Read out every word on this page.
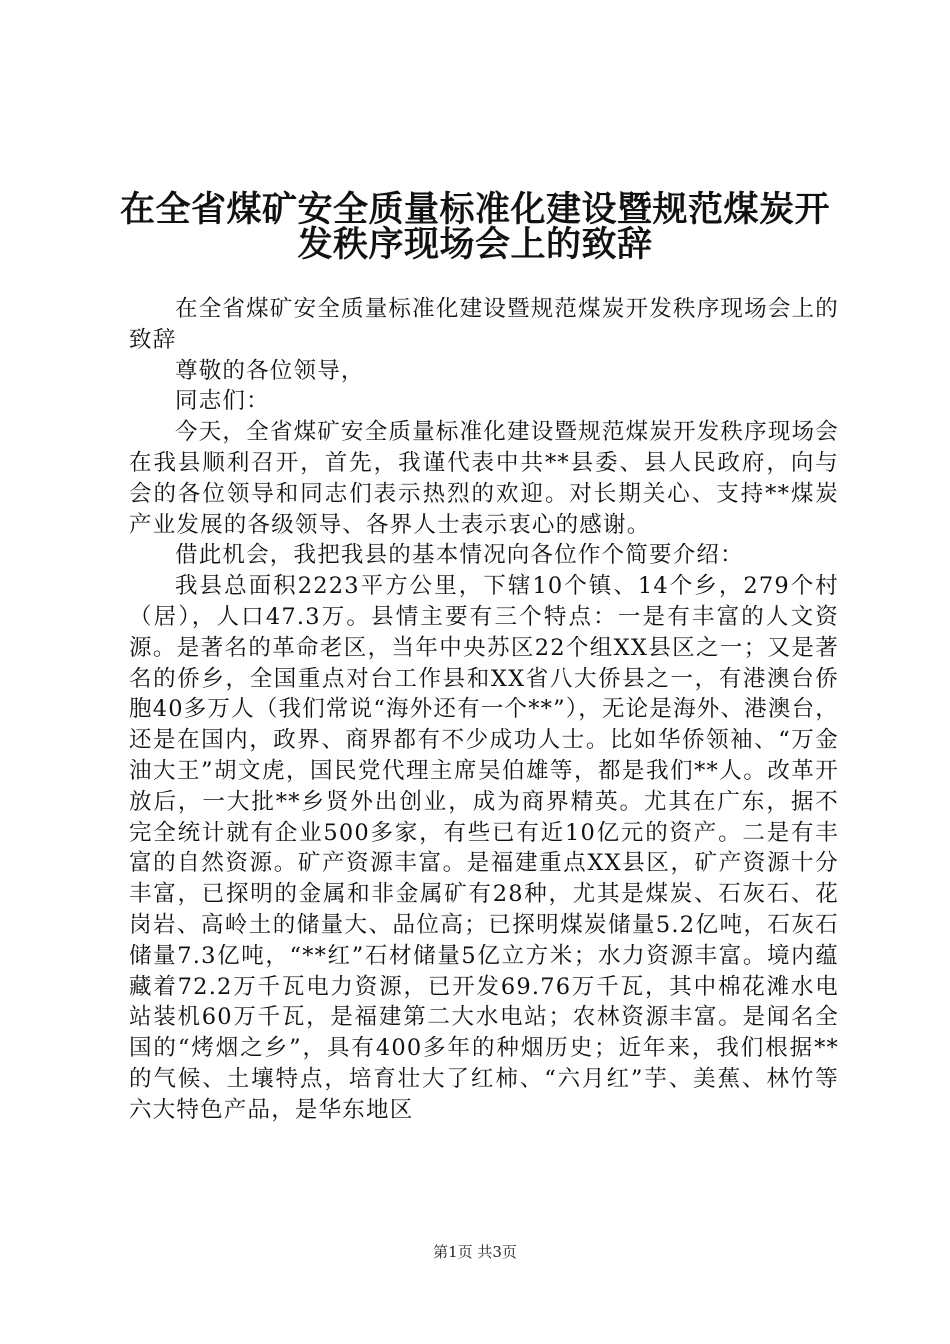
在全省煤矿安全质量标准化建设暨规范煤炭开
发秩序现场会上的致辞

在全省煤矿安全质量标准化建设暨规范煤炭开发秩序现场会上的致辞

尊敬的各位领导，

同志们：

今天，全省煤矿安全质量标准化建设暨规范煤炭开发秩序现场会在我县顺利召开，首先，我谨代表中共**县委、县人民政府，向与会的各位领导和同志们表示热烈的欢迎。对长期关心、支持**煤炭产业发展的各级领导、各界人士表示衷心的感谢。

借此机会，我把我县的基本情况向各位作个简要介绍：

我县总面积2223平方公里，下辖10个镇、14个乡，279个村（居），人口47.3万。县情主要有三个特点：一是有丰富的人文资源。是著名的革命老区，当年中央苏区22个组XX县区之一；又是著名的侨乡，全国重点对台工作县和XX省八大侨县之一，有港澳台侨胞40多万人（我们常说“海外还有一个**”），无论是海外、港澳台，还是在国内，政界、商界都有不少成功人士。比如华侨领袖、“万金油大王”胡文虎，国民党代理主席吴伯雄等，都是我们**人。改革开放后，一大批**乡贤外出创业，成为商界精英。尤其在广东，据不完全统计就有企业500多家，有些已有近10亿元的资产。二是有丰富的自然资源。矿产资源丰富。是福建重点XX县区，矿产资源十分丰富，已探明的金属和非金属矿有28种，尤其是煤炭、石灰石、花岗岩、高岭土的储量大、品位高；已探明煤炭储量5.2亿吨，石灰石储量7.3亿吨，“**红”石材储量5亿立方米；水力资源丰富。境内蕴藏着72.2万千瓦电力资源，已开发69.76万千瓦，其中棉花滩水电站装机60万千瓦，是福建第二大水电站；农林资源丰富。是闻名全国的“烤烟之乡”，具有400多年的种烟历史；近年来，我们根据**的气候、土壤特点，培育壮大了红柿、“六月红”芋、美蕉、林竹等六大特色产品，是华东地区

第1页 共3页
